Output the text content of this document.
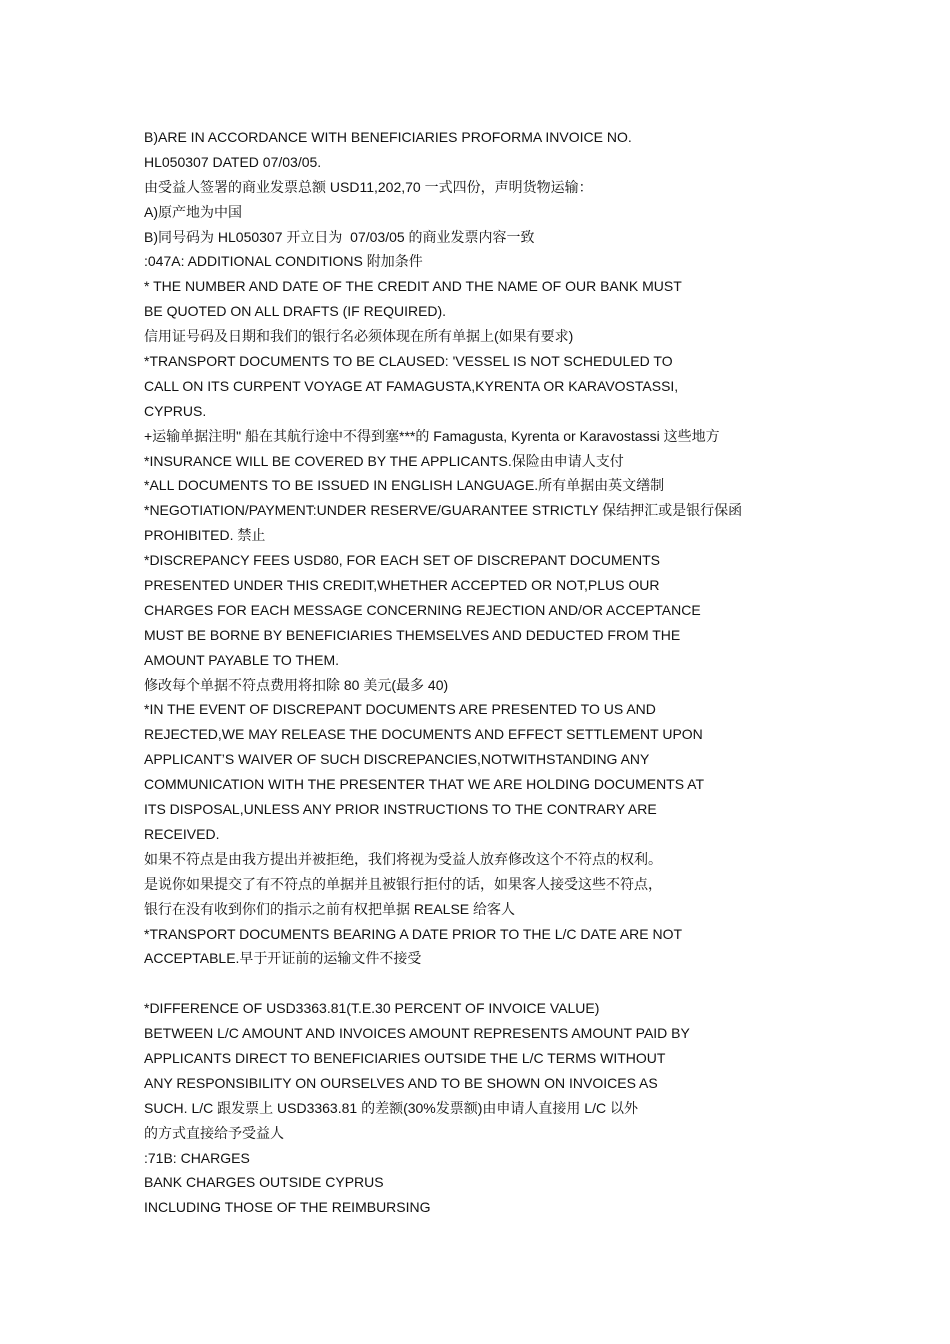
B)ARE IN ACCORDANCE WITH BENEFICIARIES PROFORMA INVOICE NO.

HL050307 DATED 07/03/05.

由受益人签署的商业发票总额 USD11,202,70 一式四份，声明货物运输：

A)原产地为中国

B)同号码为 HL050307 开立日为  07/03/05 的商业发票内容一致

:047A: ADDITIONAL CONDITIONS 附加条件

* THE NUMBER AND DATE OF THE CREDIT AND THE NAME OF OUR BANK MUST

BE QUOTED ON ALL DRAFTS (IF REQUIRED).

信用证号码及日期和我们的银行名必须体现在所有单据上(如果有要求)

*TRANSPORT DOCUMENTS TO BE CLAUSED: 'VESSEL IS NOT SCHEDULED TO

CALL ON ITS CURPENT VOYAGE AT FAMAGUSTA,KYRENTA OR KARAVOSTASSI,

CYPRUS.

+运输单据注明" 船在其航行途中不得到塞***的 Famagusta, Kyrenta or Karavostassi 这些地方

*INSURANCE WILL BE COVERED BY THE APPLICANTS.保险由申请人支付

*ALL DOCUMENTS TO BE ISSUED IN ENGLISH LANGUAGE.所有单据由英文缮制

*NEGOTIATION/PAYMENT:UNDER RESERVE/GUARANTEE STRICTLY 保结押汇或是银行保函

PROHIBITED. 禁止

*DISCREPANCY FEES USD80, FOR EACH SET OF DISCREPANT DOCUMENTS

PRESENTED UNDER THIS CREDIT,WHETHER ACCEPTED OR NOT,PLUS OUR

CHARGES FOR EACH MESSAGE CONCERNING REJECTION AND/OR ACCEPTANCE

MUST BE BORNE BY BENEFICIARIES THEMSELVES AND DEDUCTED FROM THE

AMOUNT PAYABLE TO THEM.

修改每个单据不符点费用将扣除 80 美元(最多 40)

*IN THE EVENT OF DISCREPANT DOCUMENTS ARE PRESENTED TO US AND

REJECTED,WE MAY RELEASE THE DOCUMENTS AND EFFECT SETTLEMENT UPON

APPLICANT’S WAIVER OF SUCH DISCREPANCIES,NOTWITHSTANDING ANY

COMMUNICATION WITH THE PRESENTER THAT WE ARE HOLDING DOCUMENTS AT

ITS DISPOSAL,UNLESS ANY PRIOR INSTRUCTIONS TO THE CONTRARY ARE

RECEIVED.

如果不符点是由我方提出并被拒绝，我们将视为受益人放弃修改这个不符点的权利。

是说你如果提交了有不符点的单据并且被银行拒付的话，如果客人接受这些不符点，

银行在没有收到你们的指示之前有权把单据 REALSE 给客人

*TRANSPORT DOCUMENTS BEARING A DATE PRIOR TO THE L/C DATE ARE NOT

ACCEPTABLE.早于开证前的运输文件不接受

*DIFFERENCE OF USD3363.81(T.E.30 PERCENT OF INVOICE VALUE)

BETWEEN L/C AMOUNT AND INVOICES AMOUNT REPRESENTS AMOUNT PAID BY

APPLICANTS DIRECT TO BENEFICIARIES OUTSIDE THE L/C TERMS WITHOUT

ANY RESPONSIBILITY ON OURSELVES AND TO BE SHOWN ON INVOICES AS

SUCH. L/C 跟发票上 USD3363.81 的差额(30%发票额)由申请人直接用 L/C 以外

的方式直接给予受益人

:71B: CHARGES

BANK CHARGES OUTSIDE CYPRUS

INCLUDING THOSE OF THE REIMBURSING
